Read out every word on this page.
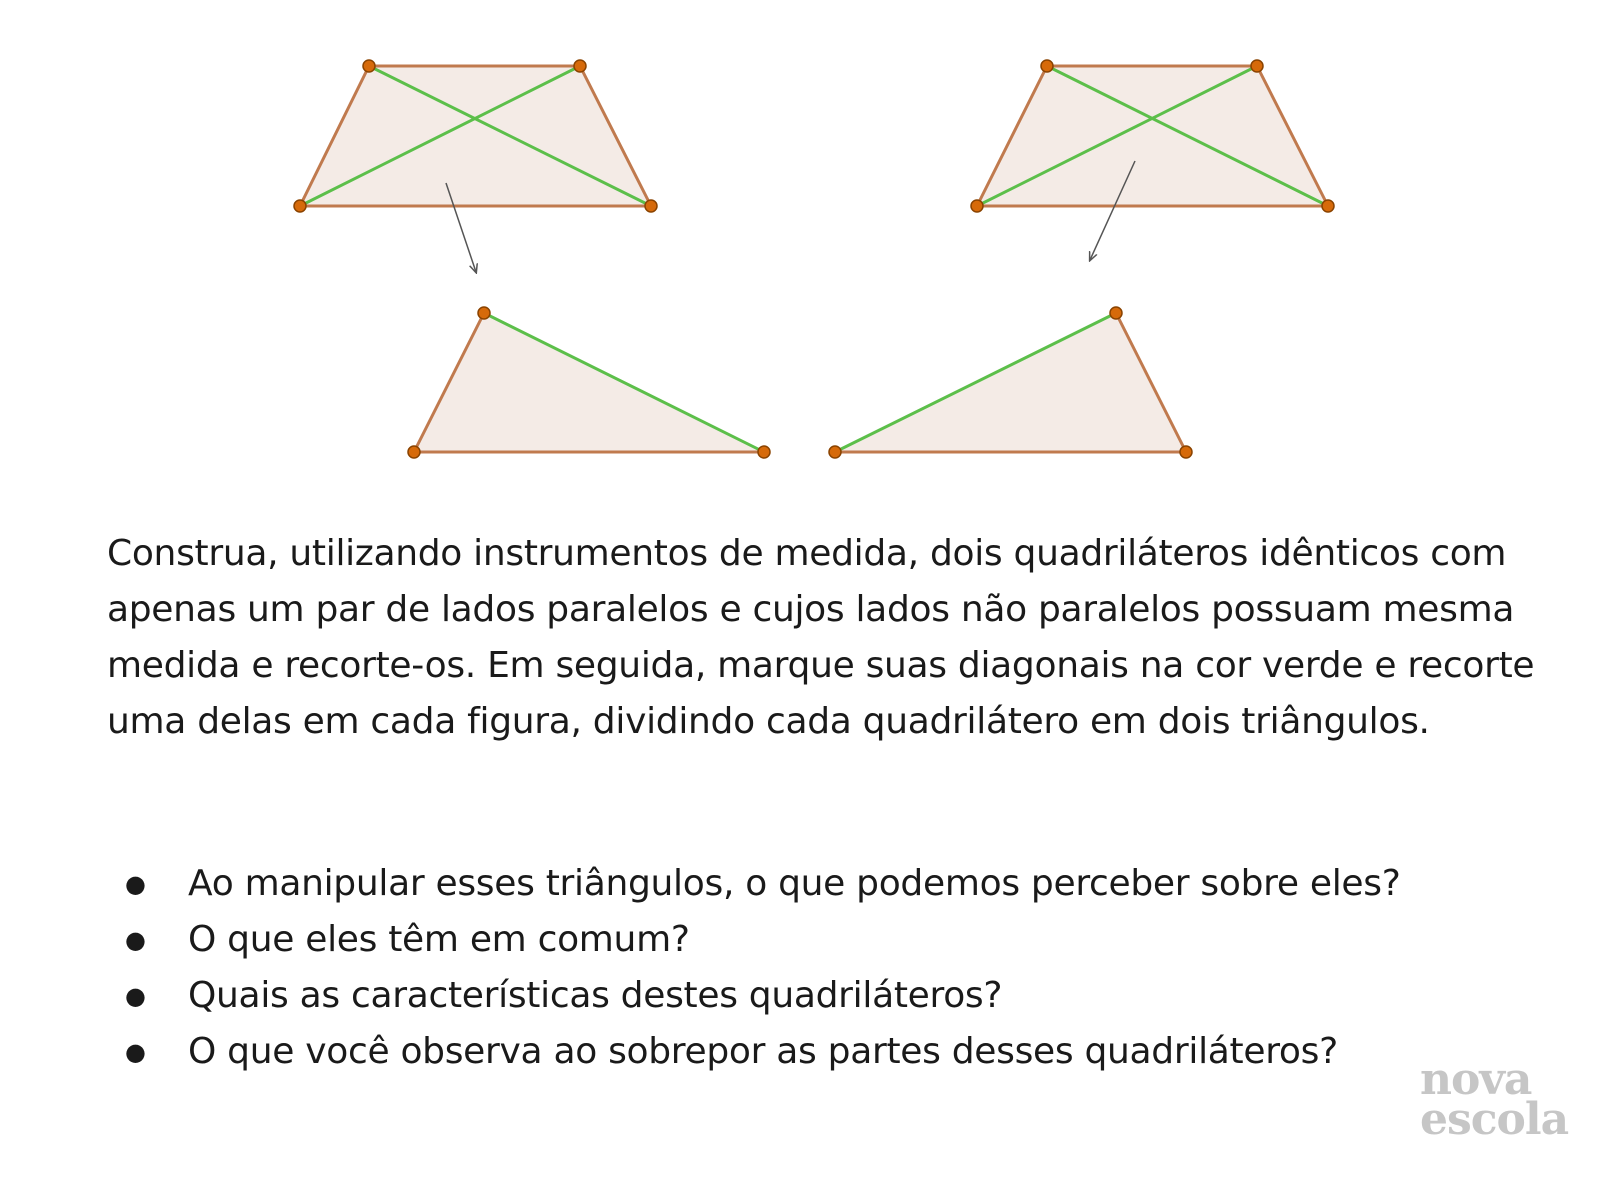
Construa, utilizando instrumentos de medida, dois quadriláteros idênticos com apenas um par de lados paralelos e cujos lados não paralelos possuam mesma medida e recorte-os. Em seguida, marque suas diagonais na cor verde e recorte uma delas em cada figura, dividindo cada quadrilátero em dois triângulos.

● Ao manipular esses triângulos, o que podemos perceber sobre eles?
● O que eles têm em comum?
● Quais as características destes quadriláteros?
● O que você observa ao sobrepor as partes desses quadriláteros?
nova
escola
